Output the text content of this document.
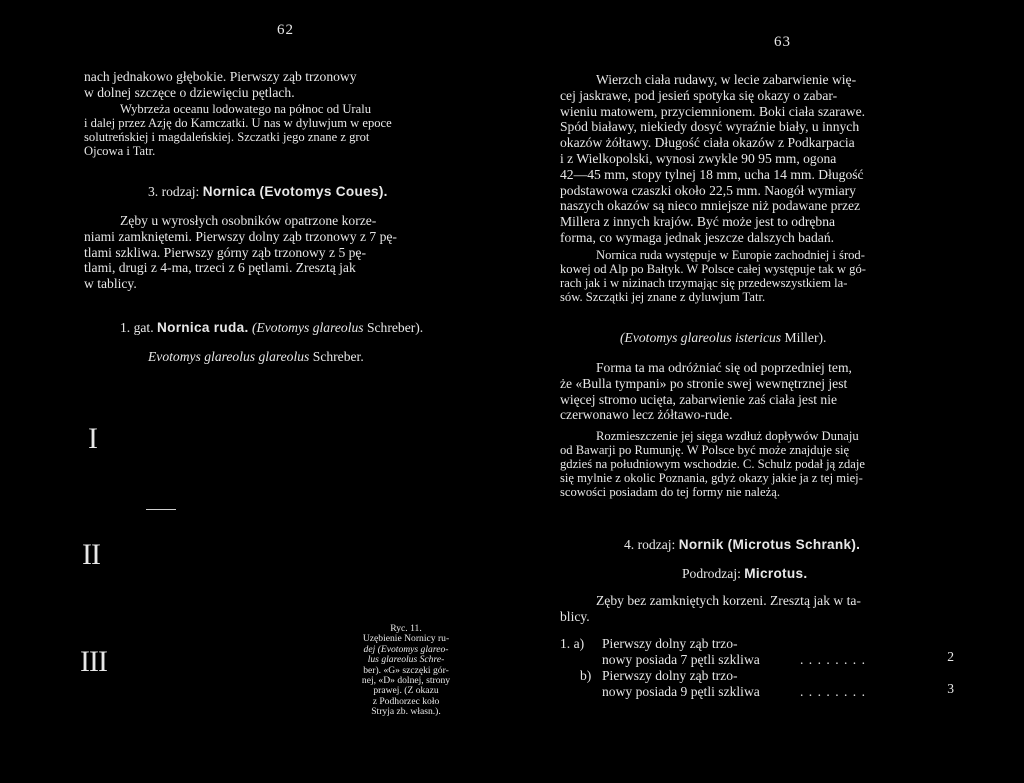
62
nach jednakowo głębokie. Pierwszy ząb trzonowy
w dolnej szczęce o dziewięciu pętlach.
Wybrzeża oceanu lodowatego na północ od Uralu
i dalej przez Azję do Kamczatki. U nas w dyluwjum w epoce
solutreńskiej i magdaleńskiej. Szczatki jego znane z grot
Ojcowa i Tatr.
3. rodzaj: Nornica (Evotomys Coues).
Zęby u wyrosłych osobników opatrzone korze-
niami zamkniętemi. Pierwszy dolny ząb trzonowy z 7 pę-
tlami szkliwa. Pierwszy górny ząb trzonowy z 5 pę-
tlami, drugi z 4-ma, trzeci z 6 pętlami. Zresztą jak
w tablicy.
1. gat. Nornica ruda. (Evotomys glareolus Schreber).
Evotomys glareolus glareolus Schreber.
I
II
III
Ryc. 11.
Uzębienie Nornicy ru-
dej (Evotomys glareo-
lus glareolus Schre-
ber). «G» szczęki gór-
nej, «D» dolnej, strony
prawej. (Z okazu
z Podhorzec koło
Stryja zb. własn.).
63
Wierzch ciała rudawy, w lecie zabarwienie wię-
cej jaskrawe, pod jesień spotyka się okazy o zabar-
wieniu matowem, przyciemnionem. Boki ciała szarawe.
Spód białawy, niekiedy dosyć wyraźnie biały, u innych
okazów żółtawy. Długość ciała okazów z Podkarpacia
i z Wielkopolski, wynosi zwykle 90 95 mm, ogona
42—45 mm, stopy tylnej 18 mm, ucha 14 mm. Długość
podstawowa czaszki około 22,5 mm. Naogół wymiary
naszych okazów są nieco mniejsze niż podawane przez
Millera z innych krajów. Być może jest to odrębna
forma, co wymaga jednak jeszcze dalszych badań.
Nornica ruda występuje w Europie zachodniej i środ-
kowej od Alp po Bałtyk. W Polsce całej występuje tak w gó-
rach jak i w nizinach trzymając się przedewszystkiem la-
sów. Szczątki jej znane z dyluwjum Tatr.
(Evotomys glareolus istericus Miller).
Forma ta ma odróżniać się od poprzedniej tem,
że «Bulla tympani» po stronie swej wewnętrznej jest
więcej stromo ucięta, zabarwienie zaś ciała jest nie
czerwonawo lecz żółtawo-rude.
Rozmieszczenie jej sięga wzdłuż dopływów Dunaju
od Bawarji po Rumunję. W Polsce być może znajduje się
gdzieś na południowym wschodzie. C. Schulz podał ją zdaje
się mylnie z okolic Poznania, gdyż okazy jakie ja z tej miej-
scowości posiadam do tej formy nie należą.
4. rodzaj: Nornik (Microtus Schrank).
Podrodzaj: Microtus.
Zęby bez zamkniętych korzeni. Zresztą jak w ta-
blicy.
1. a) Pierwszy dolny ząb trzo-
nowy posiada 7 pętli szkliwa	. . . . . . . .	2
b) Pierwszy dolny ząb trzo-
nowy posiada 9 pętli szkliwa	. . . . . . . .	3
